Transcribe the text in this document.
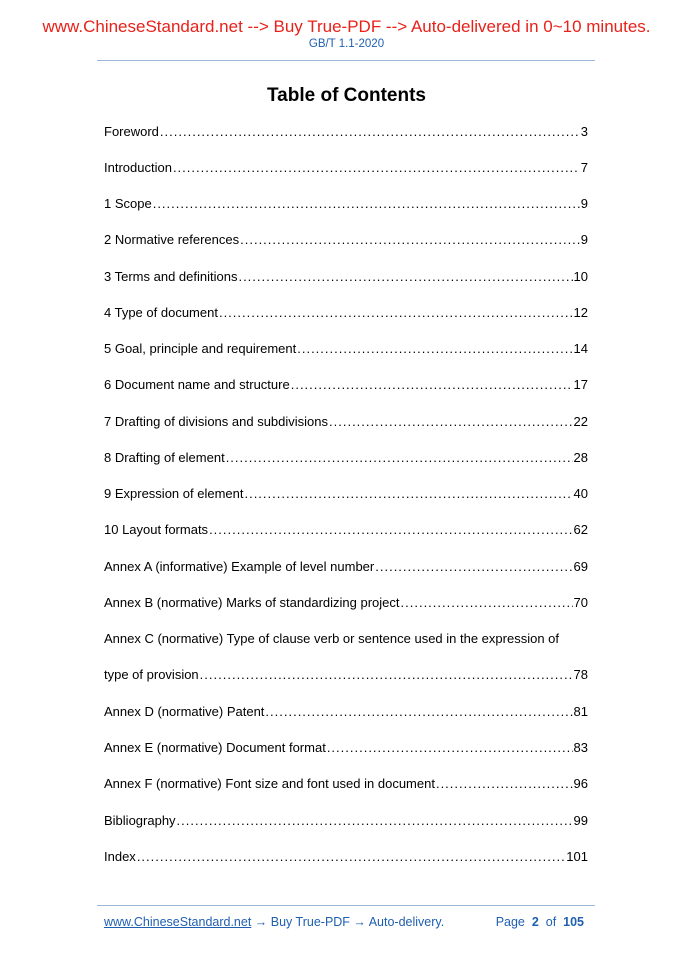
www.ChineseStandard.net --> Buy True-PDF --> Auto-delivered in 0~10 minutes.
GB/T 1.1-2020
Table of Contents
Foreword .....	3
Introduction .....	7
1 Scope .....	9
2 Normative references .....	9
3 Terms and definitions .....	10
4 Type of document .....	12
5 Goal, principle and requirement .....	14
6 Document name and structure .....	17
7 Drafting of divisions and subdivisions .....	22
8 Drafting of element .....	28
9 Expression of element .....	40
10 Layout formats .....	62
Annex A (informative) Example of level number .....	69
Annex B (normative) Marks of standardizing project .....	70
Annex C (normative) Type of clause verb or sentence used in the expression of
type of provision .....	78
Annex D (normative) Patent .....	81
Annex E (normative) Document format .....	83
Annex F (normative) Font size and font used in document .....	96
Bibliography .....	99
Index .....	101
www.ChineseStandard.net → Buy True-PDF → Auto-delivery.	Page 2 of 105
